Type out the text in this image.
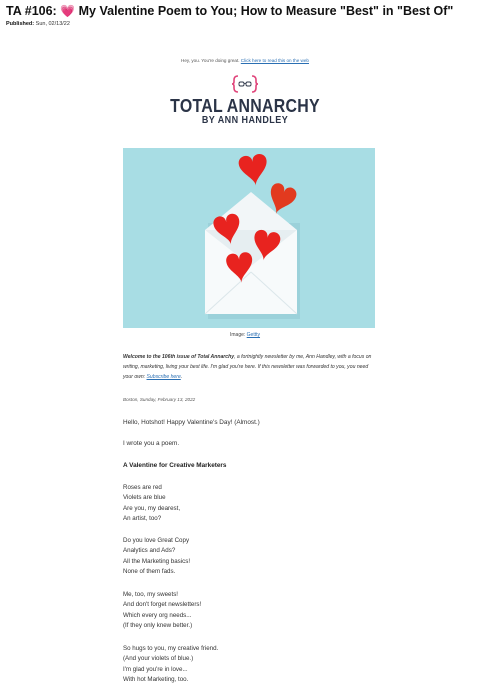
TA #106: 💗 My Valentine Poem to You; How to Measure "Best" in "Best Of"
Published: Sun, 02/13/22
Hey, you. You're doing great. Click here to read this on the web
TOTAL ANNARCHY
BY ANN HANDLEY
Image: Gettty
Welcome to the 106th issue of Total Annarchy, a fortnightly newsletter by me, Ann Handley, with a focus on writing, marketing, living your best life. I'm glad you're here. If this newsletter was forwarded to you, you need your own: Subscribe here.
Boston, Sunday, February 13, 2022
Hello, Hotshot! Happy Valentine's Day! (Almost.)
I wrote you a poem.
A Valentine for Creative Marketers
Roses are red
Violets are blue
Are you, my dearest,
An artist, too?
Do you love Great Copy
Analytics and Ads?
All the Marketing basics!
None of them fads.
Me, too, my sweets!
And don't forget newsletters!
Which every org needs...
(If they only knew better.)
So hugs to you, my creative friend.
(And your violets of blue.)
I'm glad you're in love...
With hot Marketing, too.
